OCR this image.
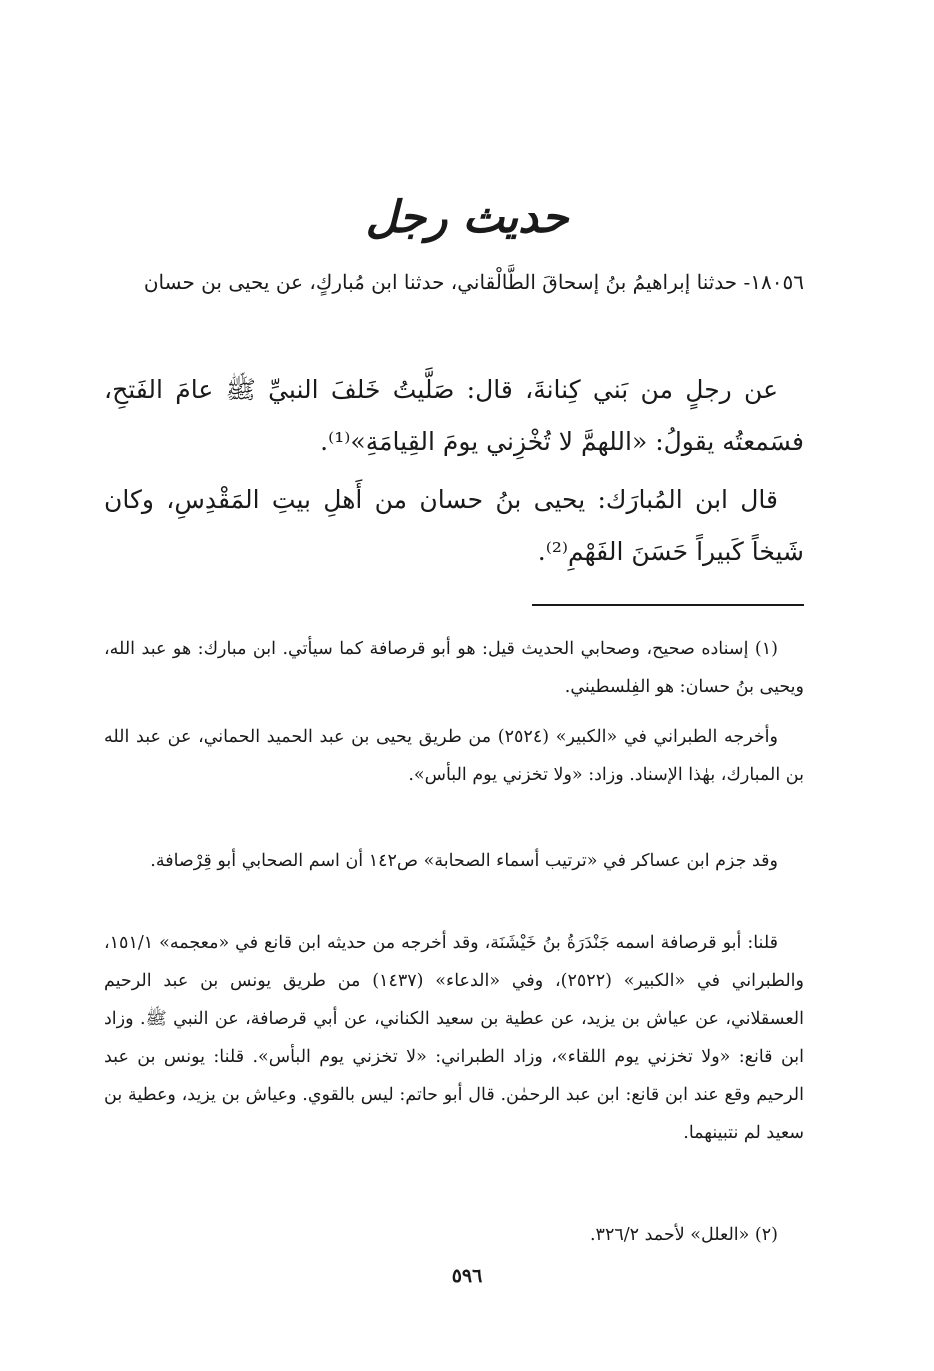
حديث رجل

١٨٠٥٦- حدثنا إبراهيمُ بنُ إسحاقَ الطَّالْقاني، حدثنا ابن مُباركٍ، عن يحيى بن حسان

عن رجلٍ من بَني كِنانةَ، قال: صَلَّيتُ خَلفَ النبيِّ ﷺ عامَ الفَتحِ، فسَمعتُه يقولُ: «اللهمَّ لا تُخْزِني يومَ القِيامَةِ»⁽¹⁾.

قال ابن المُبارَك: يحيى بنُ حسان من أَهلِ بيتِ المَقْدِسِ، وكان شَيخاً كَبيراً حَسَنَ الفَهْمِ⁽²⁾.

(١) إسناده صحيح، وصحابي الحديث قيل: هو أبو قرصافة كما سيأتي. ابن مبارك: هو عبد الله، ويحيى بنُ حسان: هو الفِلسطيني.

وأخرجه الطبراني في «الكبير» (٢٥٢٤) من طريق يحيى بن عبد الحميد الحماني، عن عبد الله بن المبارك، بهٰذا الإسناد. وزاد: «ولا تخزني يوم البأس».

وقد جزم ابن عساكر في «ترتيب أسماء الصحابة» ص١٤٢ أن اسم الصحابي أبو قِرْصافة.

قلنا: أبو قرصافة اسمه جَنْدَرَةُ بنُ خَيْشَنَة، وقد أخرجه من حديثه ابن قانع في «معجمه» ١٥١/١، والطبراني في «الكبير» (٢٥٢٢)، وفي «الدعاء» (١٤٣٧) من طريق يونس بن عبد الرحيم العسقلاني، عن عياش بن يزيد، عن عطية بن سعيد الكناني، عن أبي قرصافة، عن النبي ﷺ. وزاد ابن قانع: «ولا تخزني يوم اللقاء»، وزاد الطبراني: «لا تخزني يوم البأس». قلنا: يونس بن عبد الرحيم وقع عند ابن قانع: ابن عبد الرحمٰن. قال أبو حاتم: ليس بالقوي. وعياش بن يزيد، وعطية بن سعيد لم نتبينهما.

(٢) «العلل» لأحمد ٣٢٦/٢.

٥٩٦
